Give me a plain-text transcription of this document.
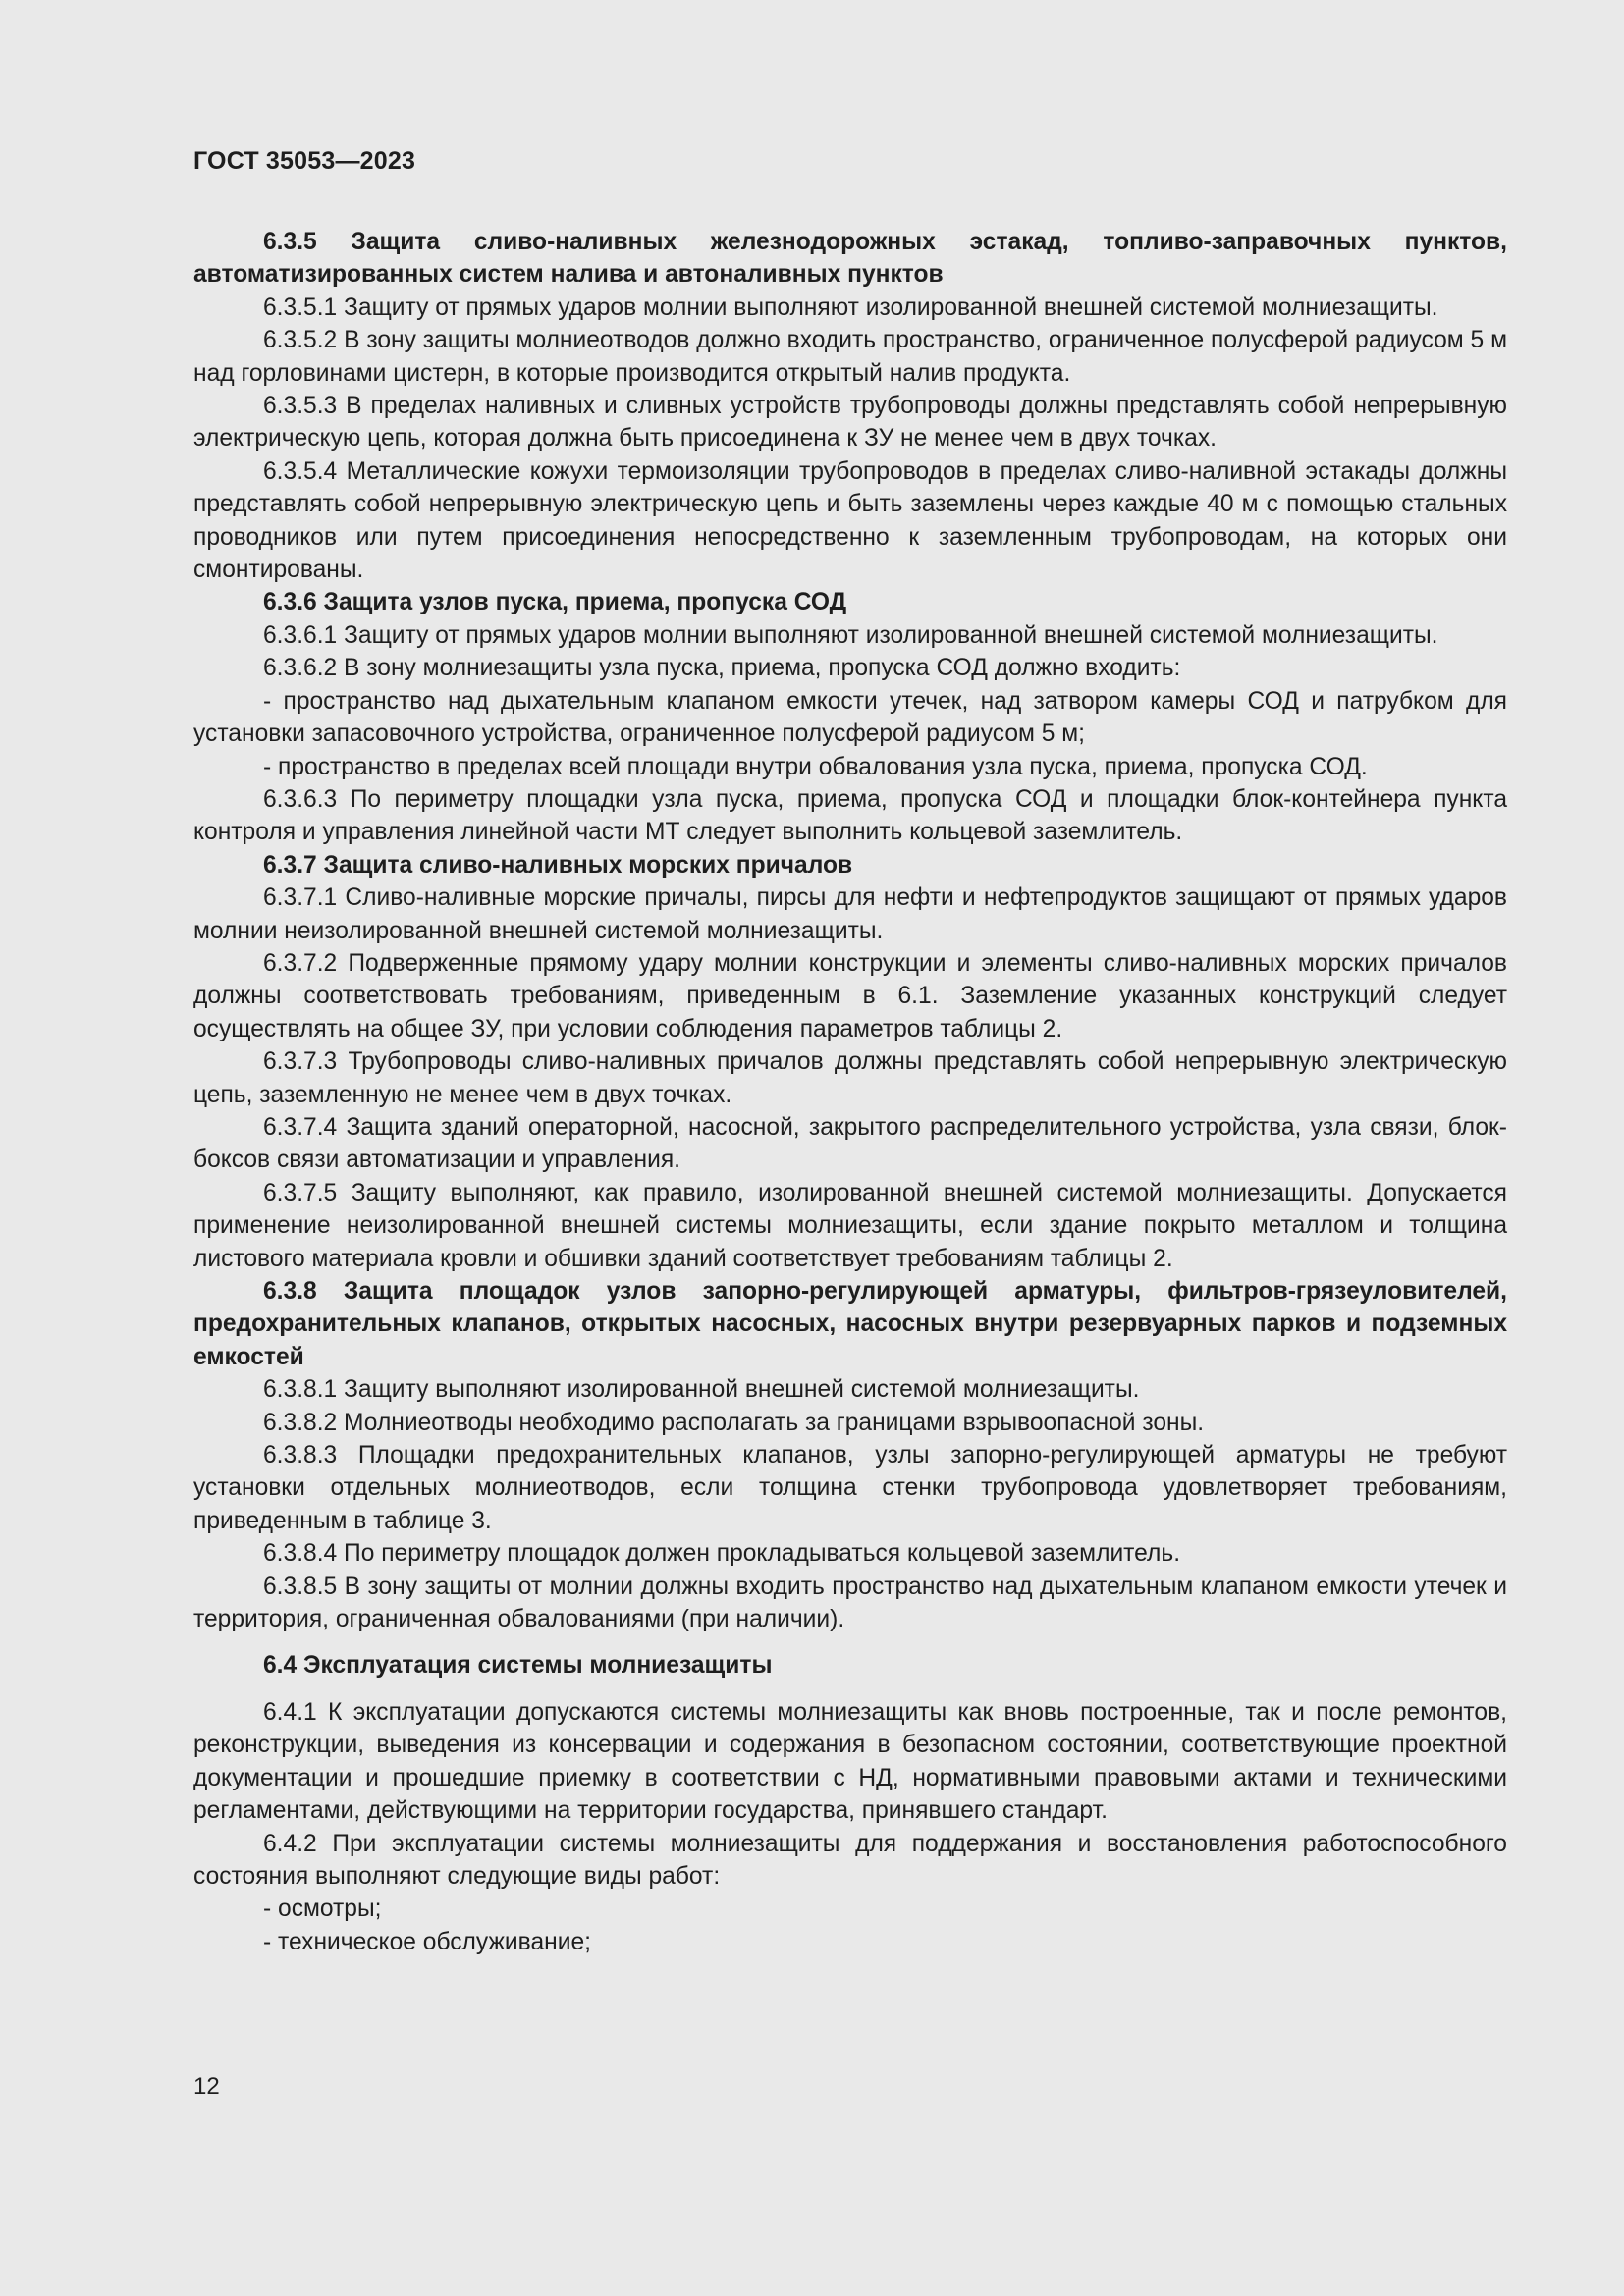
ГОСТ 35053—2023

6.3.5 Защита сливо-наливных железнодорожных эстакад, топливо-заправочных пунктов, автоматизированных систем налива и автоналивных пунктов

6.3.5.1 Защиту от прямых ударов молнии выполняют изолированной внешней системой молниезащиты.

6.3.5.2 В зону защиты молниеотводов должно входить пространство, ограниченное полусферой радиусом 5 м над горловинами цистерн, в которые производится открытый налив продукта.

6.3.5.3 В пределах наливных и сливных устройств трубопроводы должны представлять собой непрерывную электрическую цепь, которая должна быть присоединена к ЗУ не менее чем в двух точках.

6.3.5.4 Металлические кожухи термоизоляции трубопроводов в пределах сливо-наливной эстакады должны представлять собой непрерывную электрическую цепь и быть заземлены через каждые 40 м с помощью стальных проводников или путем присоединения непосредственно к заземленным трубопроводам, на которых они смонтированы.

6.3.6 Защита узлов пуска, приема, пропуска СОД

6.3.6.1 Защиту от прямых ударов молнии выполняют изолированной внешней системой молниезащиты.

6.3.6.2 В зону молниезащиты узла пуска, приема, пропуска СОД должно входить:

- пространство над дыхательным клапаном емкости утечек, над затвором камеры СОД и патрубком для установки запасовочного устройства, ограниченное полусферой радиусом 5 м;

- пространство в пределах всей площади внутри обвалования узла пуска, приема, пропуска СОД.

6.3.6.3 По периметру площадки узла пуска, приема, пропуска СОД и площадки блок-контейнера пункта контроля и управления линейной части МТ следует выполнить кольцевой заземлитель.

6.3.7 Защита сливо-наливных морских причалов

6.3.7.1 Сливо-наливные морские причалы, пирсы для нефти и нефтепродуктов защищают от прямых ударов молнии неизолированной внешней системой молниезащиты.

6.3.7.2 Подверженные прямому удару молнии конструкции и элементы сливо-наливных морских причалов должны соответствовать требованиям, приведенным в 6.1. Заземление указанных конструкций следует осуществлять на общее ЗУ, при условии соблюдения параметров таблицы 2.

6.3.7.3 Трубопроводы сливо-наливных причалов должны представлять собой непрерывную электрическую цепь, заземленную не менее чем в двух точках.

6.3.7.4 Защита зданий операторной, насосной, закрытого распределительного устройства, узла связи, блок-боксов связи автоматизации и управления.

6.3.7.5 Защиту выполняют, как правило, изолированной внешней системой молниезащиты. Допускается применение неизолированной внешней системы молниезащиты, если здание покрыто металлом и толщина листового материала кровли и обшивки зданий соответствует требованиям таблицы 2.

6.3.8 Защита площадок узлов запорно-регулирующей арматуры, фильтров-грязеуловителей, предохранительных клапанов, открытых насосных, насосных внутри резервуарных парков и подземных емкостей

6.3.8.1 Защиту выполняют изолированной внешней системой молниезащиты.

6.3.8.2 Молниеотводы необходимо располагать за границами взрывоопасной зоны.

6.3.8.3 Площадки предохранительных клапанов, узлы запорно-регулирующей арматуры не требуют установки отдельных молниеотводов, если толщина стенки трубопровода удовлетворяет требованиям, приведенным в таблице 3.

6.3.8.4 По периметру площадок должен прокладываться кольцевой заземлитель.

6.3.8.5 В зону защиты от молнии должны входить пространство над дыхательным клапаном емкости утечек и территория, ограниченная обвалованиями (при наличии).

6.4 Эксплуатация системы молниезащиты

6.4.1 К эксплуатации допускаются системы молниезащиты как вновь построенные, так и после ремонтов, реконструкции, выведения из консервации и содержания в безопасном состоянии, соответствующие проектной документации и прошедшие приемку в соответствии с НД, нормативными правовыми актами и техническими регламентами, действующими на территории государства, принявшего стандарт.

6.4.2 При эксплуатации системы молниезащиты для поддержания и восстановления работоспособного состояния выполняют следующие виды работ:

- осмотры;

- техническое обслуживание;

12
